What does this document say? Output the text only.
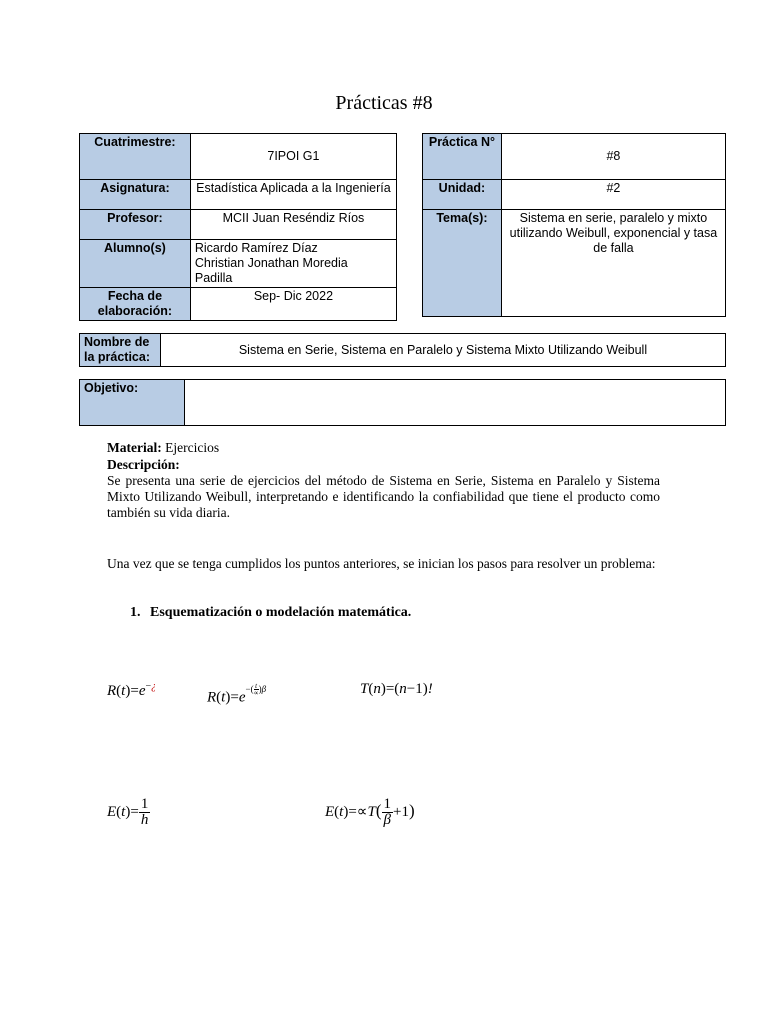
Prácticas #8
Cuatrimestre:	7IPOI G1
Asignatura:	Estadística Aplicada a la Ingeniería
Profesor:	MCII Juan Reséndiz Ríos
Alumno(s)	Ricardo Ramírez Díaz
Christian Jonathan Moredia
Padilla

Fecha de elaboración:	Sep- Dic 2022
Práctica N°	#8
Unidad:	#2
Tema(s):	Sistema en serie, paralelo y mixto utilizando Weibull, exponencial y tasa de falla
Nombre de la práctica:	Sistema en Serie, Sistema en Paralelo y Sistema Mixto Utilizando Weibull
Objetivo:	
Material: Ejercicios
Descripción:
Se presenta una serie de ejercicios del método de Sistema en Serie, Sistema en Paralelo y Sistema Mixto Utilizando Weibull, interpretando e identificando la confiabilidad que tiene el producto como también su vida diaria.
Una vez que se tenga cumplidos los puntos anteriores, se inician los pasos para resolver un problema:
1. Esquematización o modelación matemática.
R(t)=e−¿
$R(t)=e^{-( t \propto )\beta}$	T(n)=(n−1)!
$E(t)= \frac{1}{h}$	$E(t)=\propto T( \frac{1}{\beta} +1)$
